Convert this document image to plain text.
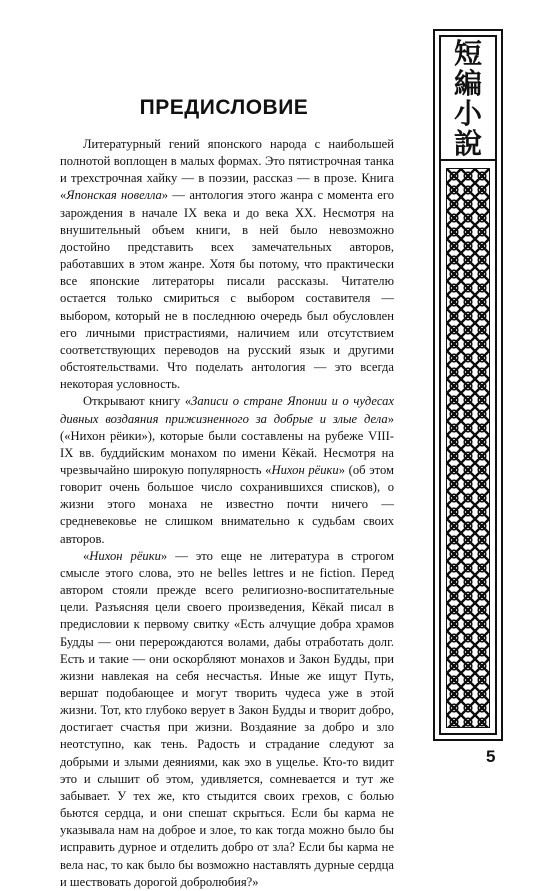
短
編
小
說
ПРЕДИСЛОВИЕ

Литературный гений японского народа с наибольшей полнотой воплощен в малых формах. Это пятистрочная танка и трехстрочная хайку — в поэзии, рассказ — в прозе. Книга «Японская новелла» — антология этого жанра с момента его зарождения в начале IX века и до века XX. Несмотря на внушительный объем книги, в ней было невозможно достойно представить всех замечательных авторов, работавших в этом жанре. Хотя бы потому, что практически все японские литераторы писали рассказы. Читателю остается только смириться с выбором составителя — выбором, который не в последнюю очередь был обусловлен его личными пристрастиями, наличием или отсутствием соответствующих переводов на русский язык и другими обстоятельствами. Что поделать антология — это всегда некоторая условность.

Открывают книгу «Записи о стране Японии и о чудесах дивных воздаяния прижизненного за добрые и злые дела» («Нихон рёики»), которые были составлены на рубеже VIII-IX вв. буддийским монахом по имени Кёкай. Несмотря на чрезвычайно широкую популярность «Нихон рёики» (об этом говорит очень большое число сохранившихся списков), о жизни этого монаха не известно почти ничего — средневековье не слишком внимательно к судьбам своих авторов.

«Нихон рёики» — это еще не литература в строгом смысле этого слова, это не belles lettres и не fiction. Перед автором стояли прежде всего религиозно-воспитательные цели. Разъясняя цели своего произведения, Кёкай писал в предисловии к первому свитку «Есть алчущие добра храмов Будды — они перерождаются волами, дабы отработать долг. Есть и такие — они оскорбляют монахов и Закон Будды, при жизни навлекая на себя несчастья. Иные же ищут Путь, вершат подобающее и могут творить чудеса уже в этой жизни. Тот, кто глубоко верует в Закон Будды и творит добро, достигает счастья при жизни. Воздаяние за добро и зло неотступно, как тень. Радость и страдание следуют за добрыми и злыми деяниями, как эхо в ущелье. Кто-то видит это и слышит об этом, удивляется, сомневается и тут же забывает. У тех же, кто стыдится своих грехов, с болью бьются сердца, и они спешат скрыться. Если бы карма не указывала нам на доброе и злое, то как тогда можно было бы исправить дурное и отделить добро от зла? Если бы карма не вела нас, то как было бы возможно наставлять дурные сердца и шествовать дорогой добролюбия?»

5
